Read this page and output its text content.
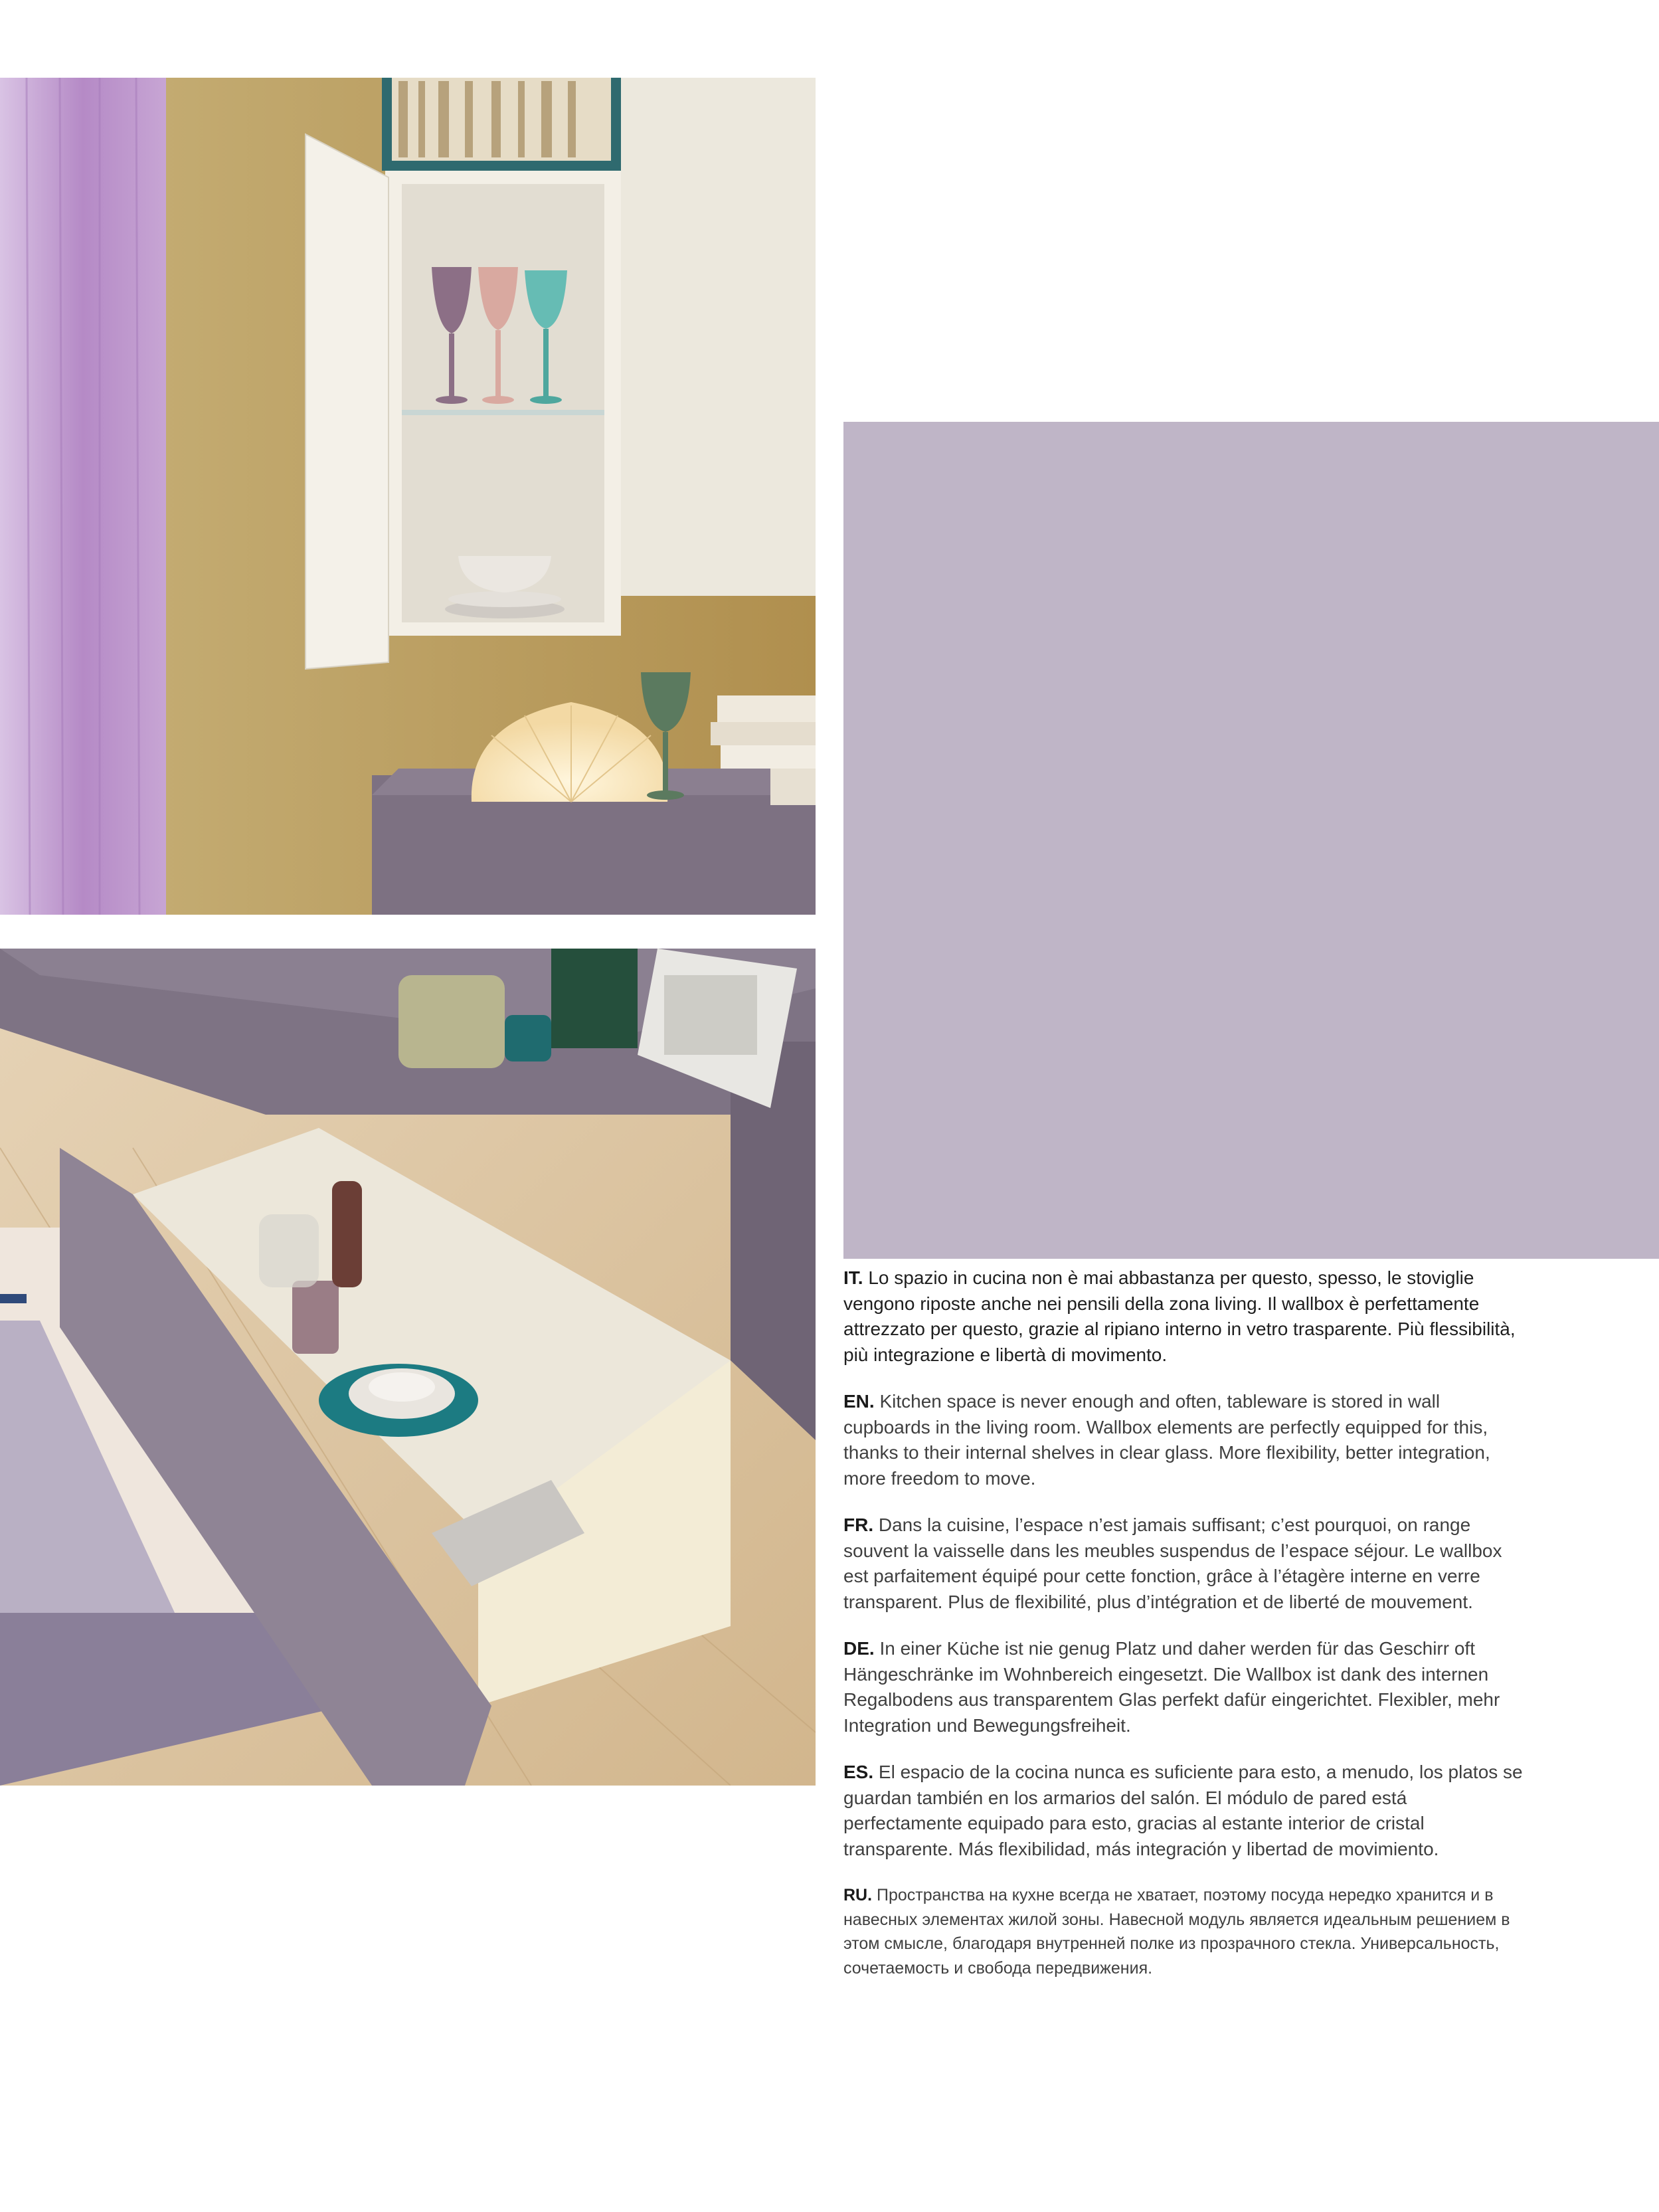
IT. Lo spazio in cucina non è mai abbastanza per questo, spesso, le stoviglie vengono riposte anche nei pensili della zona living. Il wallbox è perfettamente attrezzato per questo, grazie al ripiano interno in vetro trasparente. Più flessibilità, più integrazione e libertà di movimento.

EN. Kitchen space is never enough and often, tableware is stored in wall cupboards in the living room. Wallbox elements are perfectly equipped for this, thanks to their internal shelves in clear glass. More flexibility, better integration, more freedom to move.

FR. Dans la cuisine, l’espace n’est jamais suffisant; c’est pourquoi, on range souvent la vaisselle dans les meubles suspendus de l’espace séjour. Le wallbox est parfaitement équipé pour cette fonction, grâce à l’étagère interne en verre transparent. Plus de flexibilité, plus d’intégration et de liberté de mouvement.

DE. In einer Küche ist nie genug Platz und daher werden für das Geschirr oft Hängeschränke im Wohnbereich eingesetzt. Die Wallbox ist dank des internen Regalbodens aus transparentem Glas perfekt dafür eingerichtet. Flexibler, mehr Integration und Bewegungsfreiheit.

ES. El espacio de la cocina nunca es suficiente para esto, a menudo, los platos se guardan también en los armarios del salón. El módulo de pared está perfectamente equipado para esto, gracias al estante interior de cristal transparente. Más flexibilidad, más integración y libertad de movimiento.

RU. Пространства на кухне всегда не хватает, поэтому посуда нередко хранится и в навесных элементах жилой зоны. Навесной модуль является идеальным решением в этом смысле, благодаря внутренней полке из прозрачного стекла. Универсальность, сочетаемость и свобода передвижения.
